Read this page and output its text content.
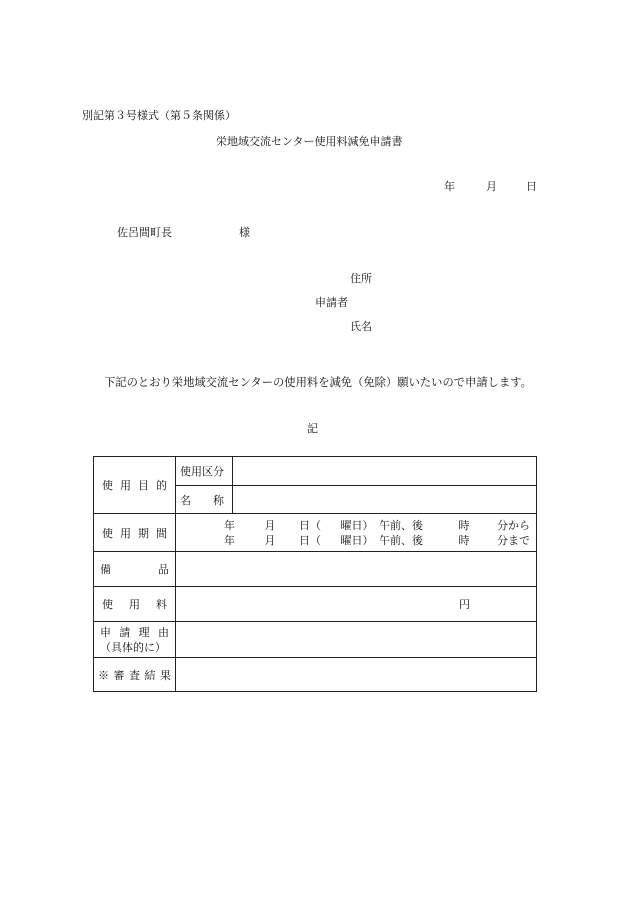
別記第３号様式（第５条関係）
栄地域交流センター使用料減免申請書
年	月	日
佐呂間町長	様
住所
申請者
氏名
下記のとおり栄地域交流センターの使用料を減免（免除）願いたいので申請します。
記
使 用 目 的	使用区分	
	名　　称	

使 用 期 間	年 月 日（ 曜日） 午前、後 時 分から
年 月 日（ 曜日） 午前、後 時 分まで	

備　　　品		

使　用　料	円	

申 請 理 由
（具体的に）		

※審査結果		
